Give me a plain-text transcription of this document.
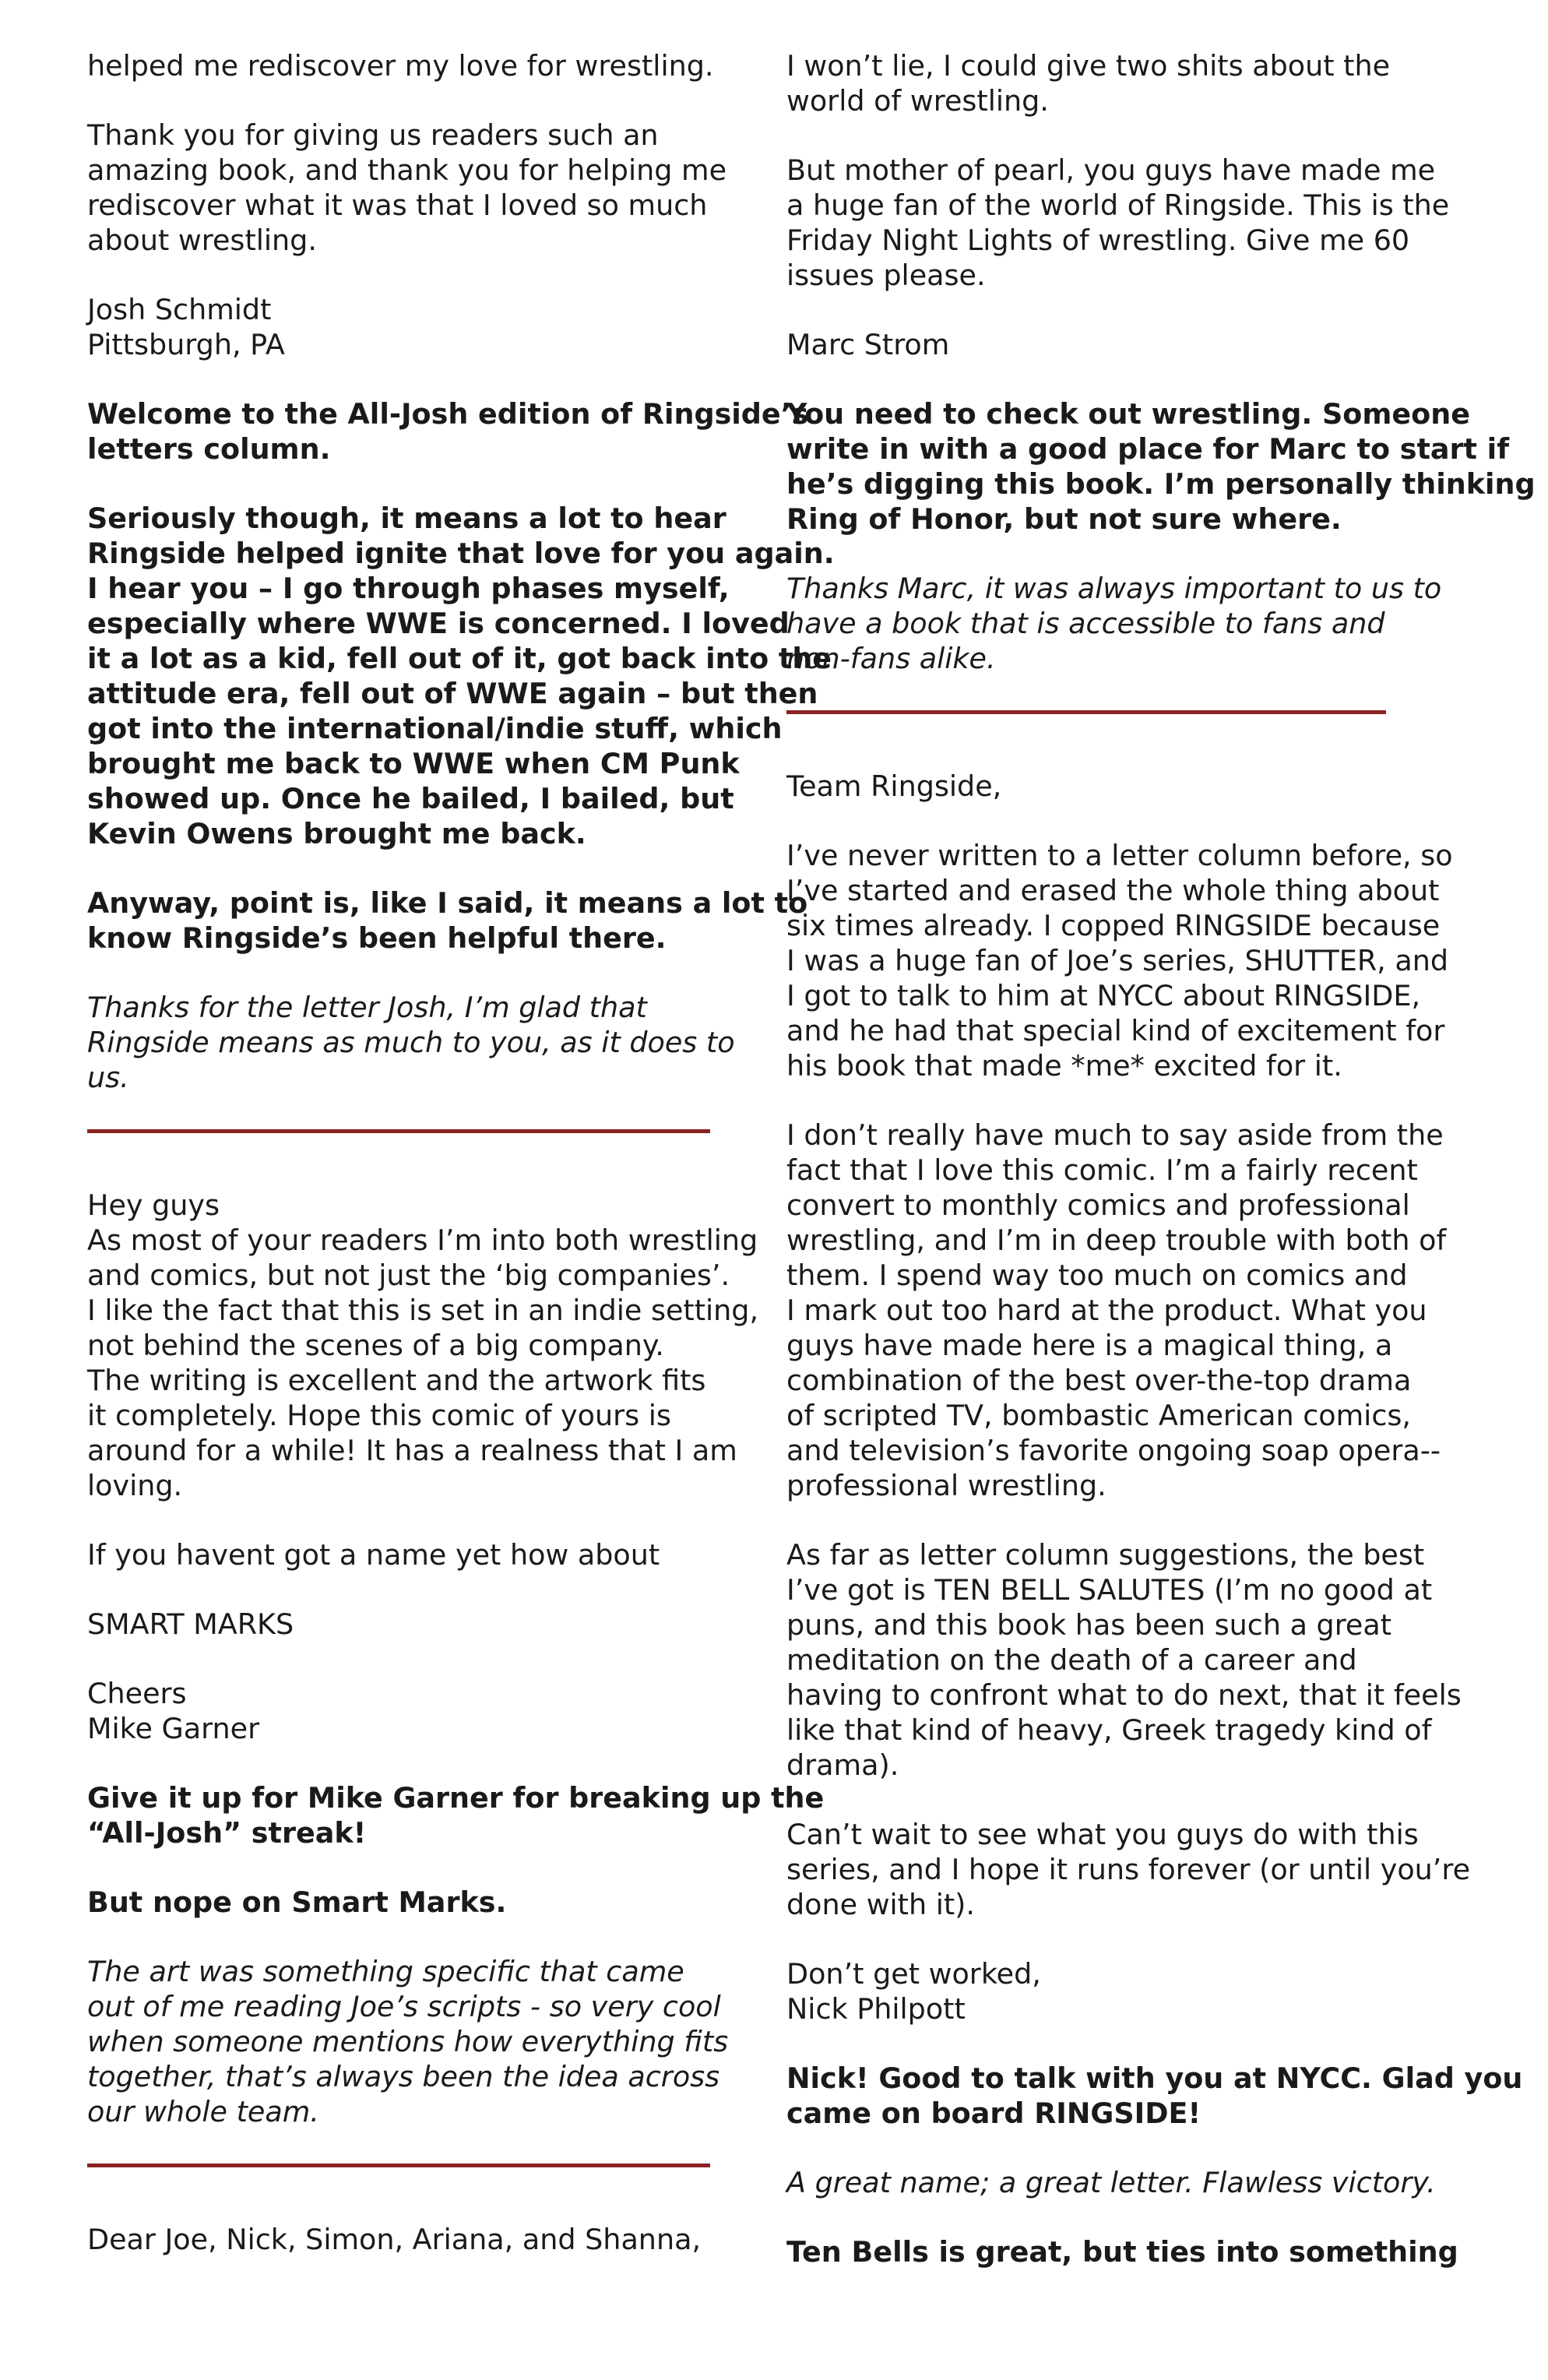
helped me rediscover my love for wrestling.
Thank you for giving us readers such an
amazing book, and thank you for helping me
rediscover what it was that I loved so much
about wrestling.
Josh Schmidt
Pittsburgh, PA
Welcome to the All-Josh edition of Ringside’s
letters column.
Seriously though, it means a lot to hear
Ringside helped ignite that love for you again.
I hear you – I go through phases myself,
especially where WWE is concerned. I loved
it a lot as a kid, fell out of it, got back into the
attitude era, fell out of WWE again – but then
got into the international/indie stuff, which
brought me back to WWE when CM Punk
showed up. Once he bailed, I bailed, but
Kevin Owens brought me back.
Anyway, point is, like I said, it means a lot to
know Ringside’s been helpful there.
Thanks for the letter Josh, I’m glad that
Ringside means as much to you, as it does to
us.
Hey guys
As most of your readers I’m into both wrestling
and comics, but not just the ‘big companies’.
I like the fact that this is set in an indie setting,
not behind the scenes of a big company.
The writing is excellent and the artwork fits
it completely. Hope this comic of yours is
around for a while! It has a realness that I am
loving.
If you havent got a name yet how about
SMART MARKS
Cheers
Mike Garner
Give it up for Mike Garner for breaking up the
“All-Josh” streak!
But nope on Smart Marks.
The art was something specific that came
out of me reading Joe’s scripts - so very cool
when someone mentions how everything fits
together, that’s always been the idea across
our whole team.
Dear Joe, Nick, Simon, Ariana, and Shanna,
I won’t lie, I could give two shits about the
world of wrestling.
But mother of pearl, you guys have made me
a huge fan of the world of Ringside. This is the
Friday Night Lights of wrestling. Give me 60
issues please.
Marc Strom
You need to check out wrestling. Someone
write in with a good place for Marc to start if
he’s digging this book. I’m personally thinking
Ring of Honor, but not sure where.
Thanks Marc, it was always important to us to
have a book that is accessible to fans and
non-fans alike.
Team Ringside,
I’ve never written to a letter column before, so
I’ve started and erased the whole thing about
six times already. I copped RINGSIDE because
I was a huge fan of Joe’s series, SHUTTER, and
I got to talk to him at NYCC about RINGSIDE,
and he had that special kind of excitement for
his book that made *me* excited for it.
I don’t really have much to say aside from the
fact that I love this comic. I’m a fairly recent
convert to monthly comics and professional
wrestling, and I’m in deep trouble with both of
them. I spend way too much on comics and
I mark out too hard at the product. What you
guys have made here is a magical thing, a
combination of the best over-the-top drama
of scripted TV, bombastic American comics,
and television’s favorite ongoing soap opera--
professional wrestling.
As far as letter column suggestions, the best
I’ve got is TEN BELL SALUTES (I’m no good at
puns, and this book has been such a great
meditation on the death of a career and
having to confront what to do next, that it feels
like that kind of heavy, Greek tragedy kind of
drama).
Can’t wait to see what you guys do with this
series, and I hope it runs forever (or until you’re
done with it).
Don’t get worked,
Nick Philpott
Nick! Good to talk with you at NYCC. Glad you
came on board RINGSIDE!
A great name; a great letter. Flawless victory.
Ten Bells is great, but ties into something
